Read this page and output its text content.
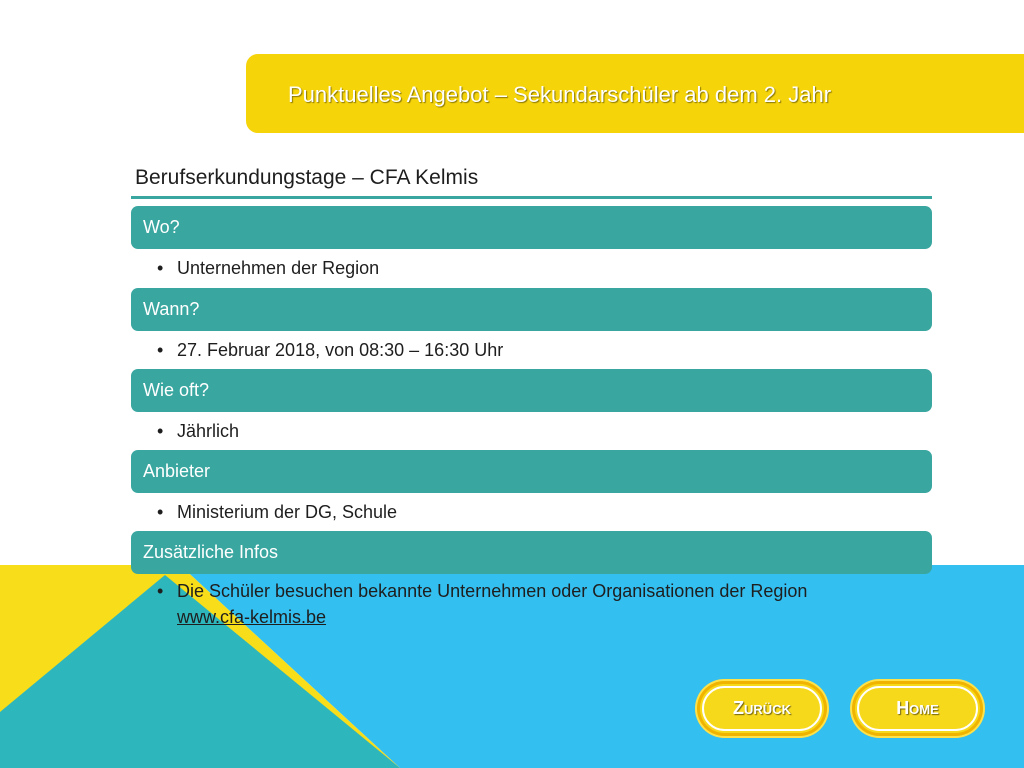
Punktuelles Angebot – Sekundarschüler ab dem 2. Jahr
Berufserkundungstage – CFA Kelmis
Wo?
• Unternehmen der Region
Wann?
• 27. Februar 2018, von 08:30 – 16:30 Uhr
Wie oft?
• Jährlich
Anbieter
• Ministerium der DG, Schule
Zusätzliche Infos
• Die Schüler besuchen bekannte Unternehmen oder Organisationen der Region
www.cfa-kelmis.be
Zurück	Home
